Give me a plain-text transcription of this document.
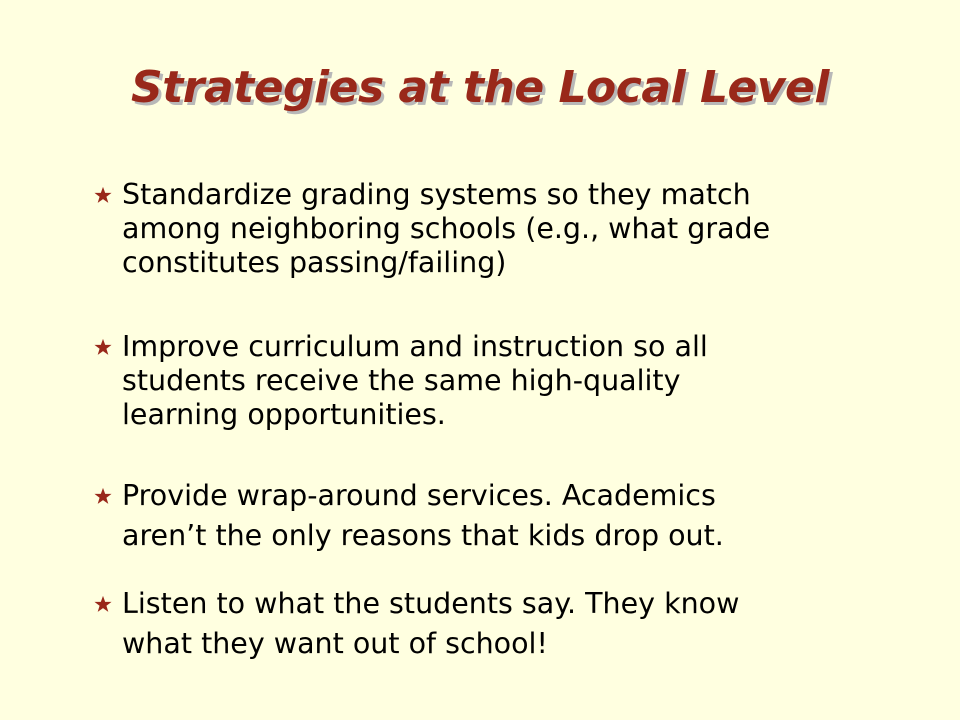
Strategies at the Local Level
Standardize grading systems so they match
among neighboring schools (e.g., what grade
constitutes passing/failing)
Improve curriculum and instruction so all
students receive the same high-quality
learning opportunities.
Provide wrap-around services. Academics
aren’t the only reasons that kids drop out.
Listen to what the students say. They know
what they want out of school!
